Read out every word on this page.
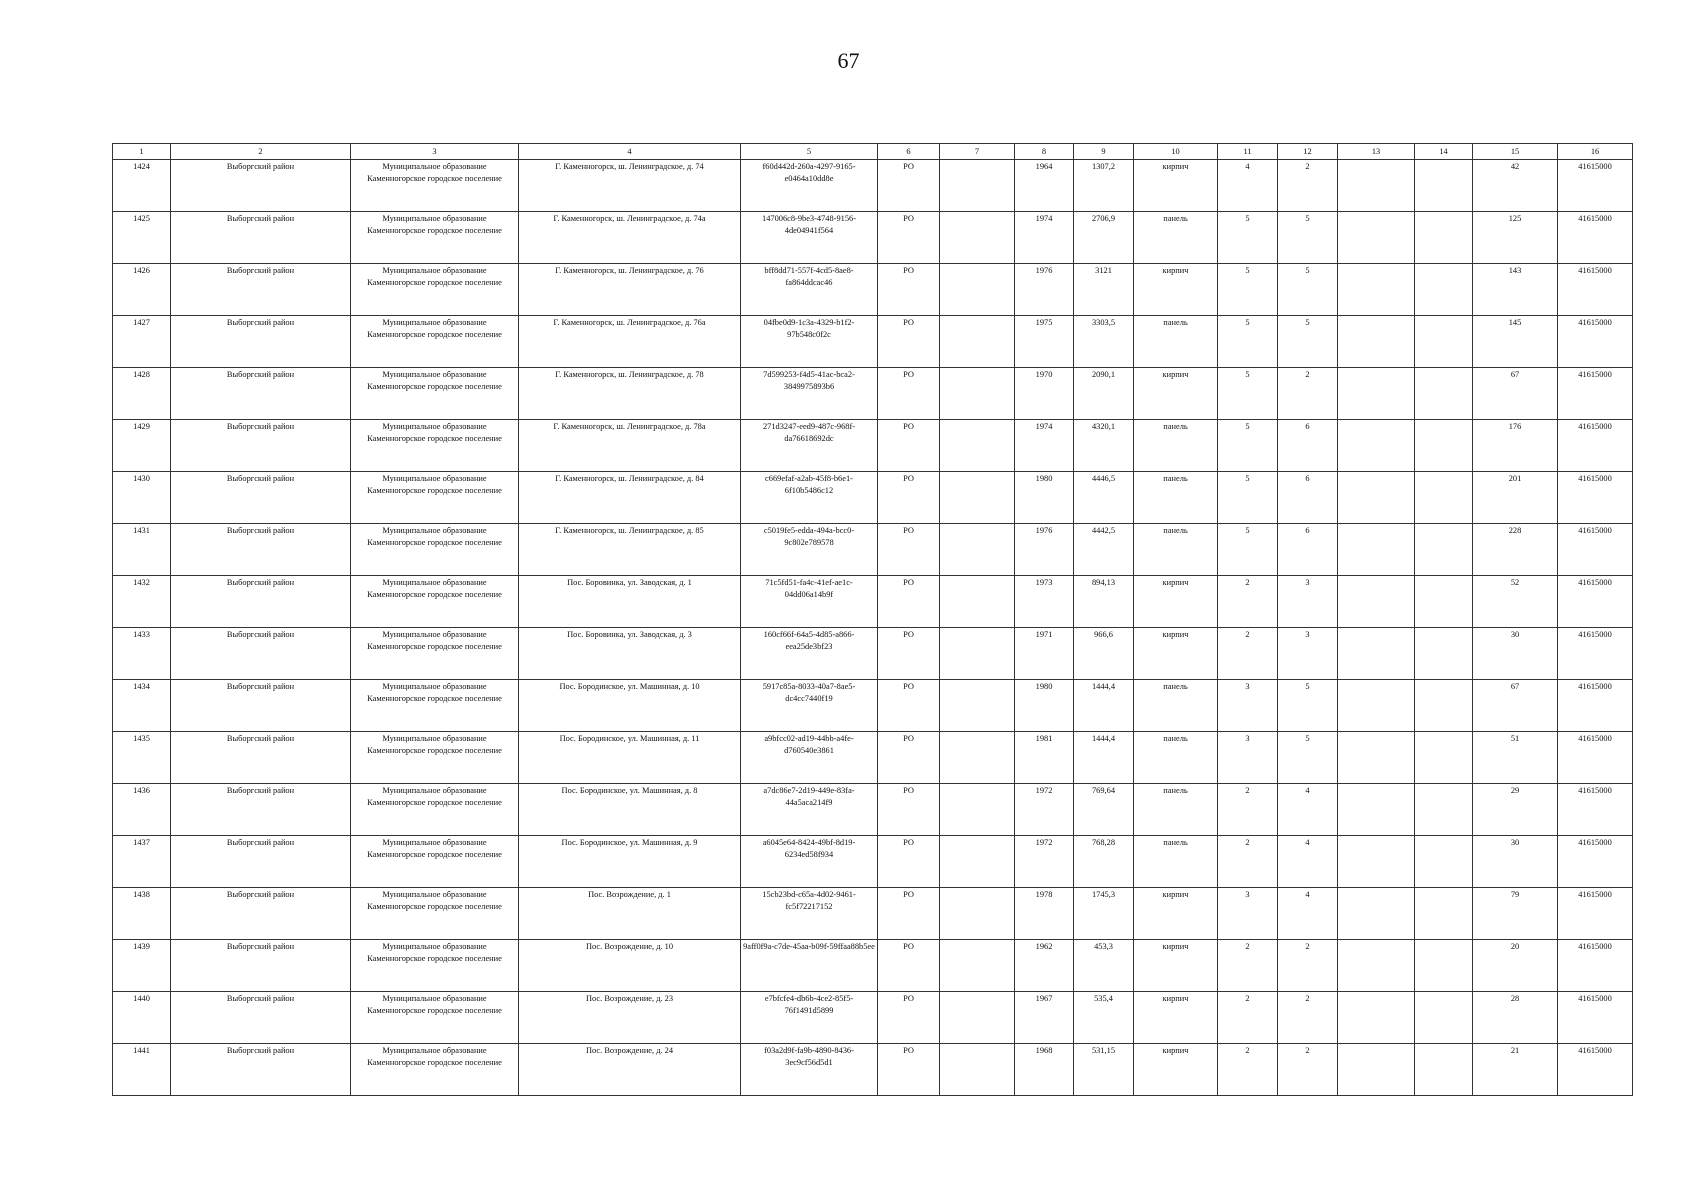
67
1	2	3	4	5	6	7	8	9	10	11	12	13	14	15	16
1424	Выборгский район	Муниципальное образование Каменногорское городское поселение	Г. Каменногорск, ш. Ленинградское, д. 74	f60d442d-260a-4297-9165-e0464a10dd8e	РО		1964	1307,2	кирпич	4	2			42	41615000
1425	Выборгский район	Муниципальное образование Каменногорское городское поселение	Г. Каменногорск, ш. Ленинградское, д. 74а	147006c8-9be3-4748-9156-4de04941f564	РО		1974	2706,9	панель	5	5			125	41615000
1426	Выборгский район	Муниципальное образование Каменногорское городское поселение	Г. Каменногорск, ш. Ленинградское, д. 76	bff8dd71-557f-4cd5-8ae8-fa864ddcac46	РО		1976	3121	кирпич	5	5			143	41615000
1427	Выборгский район	Муниципальное образование Каменногорское городское поселение	Г. Каменногорск, ш. Ленинградское, д. 76а	04fbe0d9-1c3a-4329-b1f2-97b548c0f2c	РО		1975	3303,5	панель	5	5			145	41615000
1428	Выборгский район	Муниципальное образование Каменногорское городское поселение	Г. Каменногорск, ш. Ленинградское, д. 78	7d599253-f4d5-41ac-bca2-3849975893b6	РО		1970	2090,1	кирпич	5	2			67	41615000
1429	Выборгский район	Муниципальное образование Каменногорское городское поселение	Г. Каменногорск, ш. Ленинградское, д. 78а	271d3247-eed9-487c-968f-da76618692dc	РО		1974	4320,1	панель	5	6			176	41615000
1430	Выборгский район	Муниципальное образование Каменногорское городское поселение	Г. Каменногорск, ш. Ленинградское, д. 84	c669efaf-a2ab-45f8-b6e1-6f10b5486c12	РО		1980	4446,5	панель	5	6			201	41615000
1431	Выборгский район	Муниципальное образование Каменногорское городское поселение	Г. Каменногорск, ш. Ленинградское, д. 85	c5019fe5-edda-494a-bcc0-9c802e789578	РО		1976	4442,5	панель	5	6			228	41615000
1432	Выборгский район	Муниципальное образование Каменногорское городское поселение	Пос. Боровинка, ул. Заводская, д. 1	71c5fd51-fa4c-41ef-ae1c-04dd06a14b9f	РО		1973	894,13	кирпич	2	3			52	41615000
1433	Выборгский район	Муниципальное образование Каменногорское городское поселение	Пос. Боровинка, ул. Заводская, д. 3	160cf66f-64a5-4d85-a866-eea25de3bf23	РО		1971	966,6	кирпич	2	3			30	41615000
1434	Выборгский район	Муниципальное образование Каменногорское городское поселение	Пос. Бородинское, ул. Машинная, д. 10	5917c85a-8033-40a7-8ae5-dc4cc7440f19	РО		1980	1444,4	панель	3	5			67	41615000
1435	Выборгский район	Муниципальное образование Каменногорское городское поселение	Пос. Бородинское, ул. Машинная, д. 11	a9bfcc02-ad19-44bb-a4fe-d760540e3861	РО		1981	1444,4	панель	3	5			51	41615000
1436	Выборгский район	Муниципальное образование Каменногорское городское поселение	Пос. Бородинское, ул. Машинная, д. 8	a7dc86e7-2d19-449e-83fa-44a5aca214f9	РО		1972	769,64	панель	2	4			29	41615000
1437	Выборгский район	Муниципальное образование Каменногорское городское поселение	Пос. Бородинское, ул. Машинная, д. 9	a6045e64-8424-49bf-8d19-6234ed58f934	РО		1972	768,28	панель	2	4			30	41615000
1438	Выборгский район	Муниципальное образование Каменногорское городское поселение	Пос. Возрождение, д. 1	15cb23bd-c65a-4d02-9461-fc5f72217152	РО		1978	1745,3	кирпич	3	4			79	41615000
1439	Выборгский район	Муниципальное образование Каменногорское городское поселение	Пос. Возрождение, д. 10	9aff0f9a-c7de-45aa-b09f-59ffaa88b5ee	РО		1962	453,3	кирпич	2	2			20	41615000
1440	Выборгский район	Муниципальное образование Каменногорское городское поселение	Пос. Возрождение, д. 23	e7bfcfe4-db6b-4ce2-85f5-76f1491d5899	РО		1967	535,4	кирпич	2	2			28	41615000
1441	Выборгский район	Муниципальное образование Каменногорское городское поселение	Пос. Возрождение, д. 24	f03a2d9f-fa9b-4890-8436-3ec9cf56d5d1	РО		1968	531,15	кирпич	2	2			21	41615000
